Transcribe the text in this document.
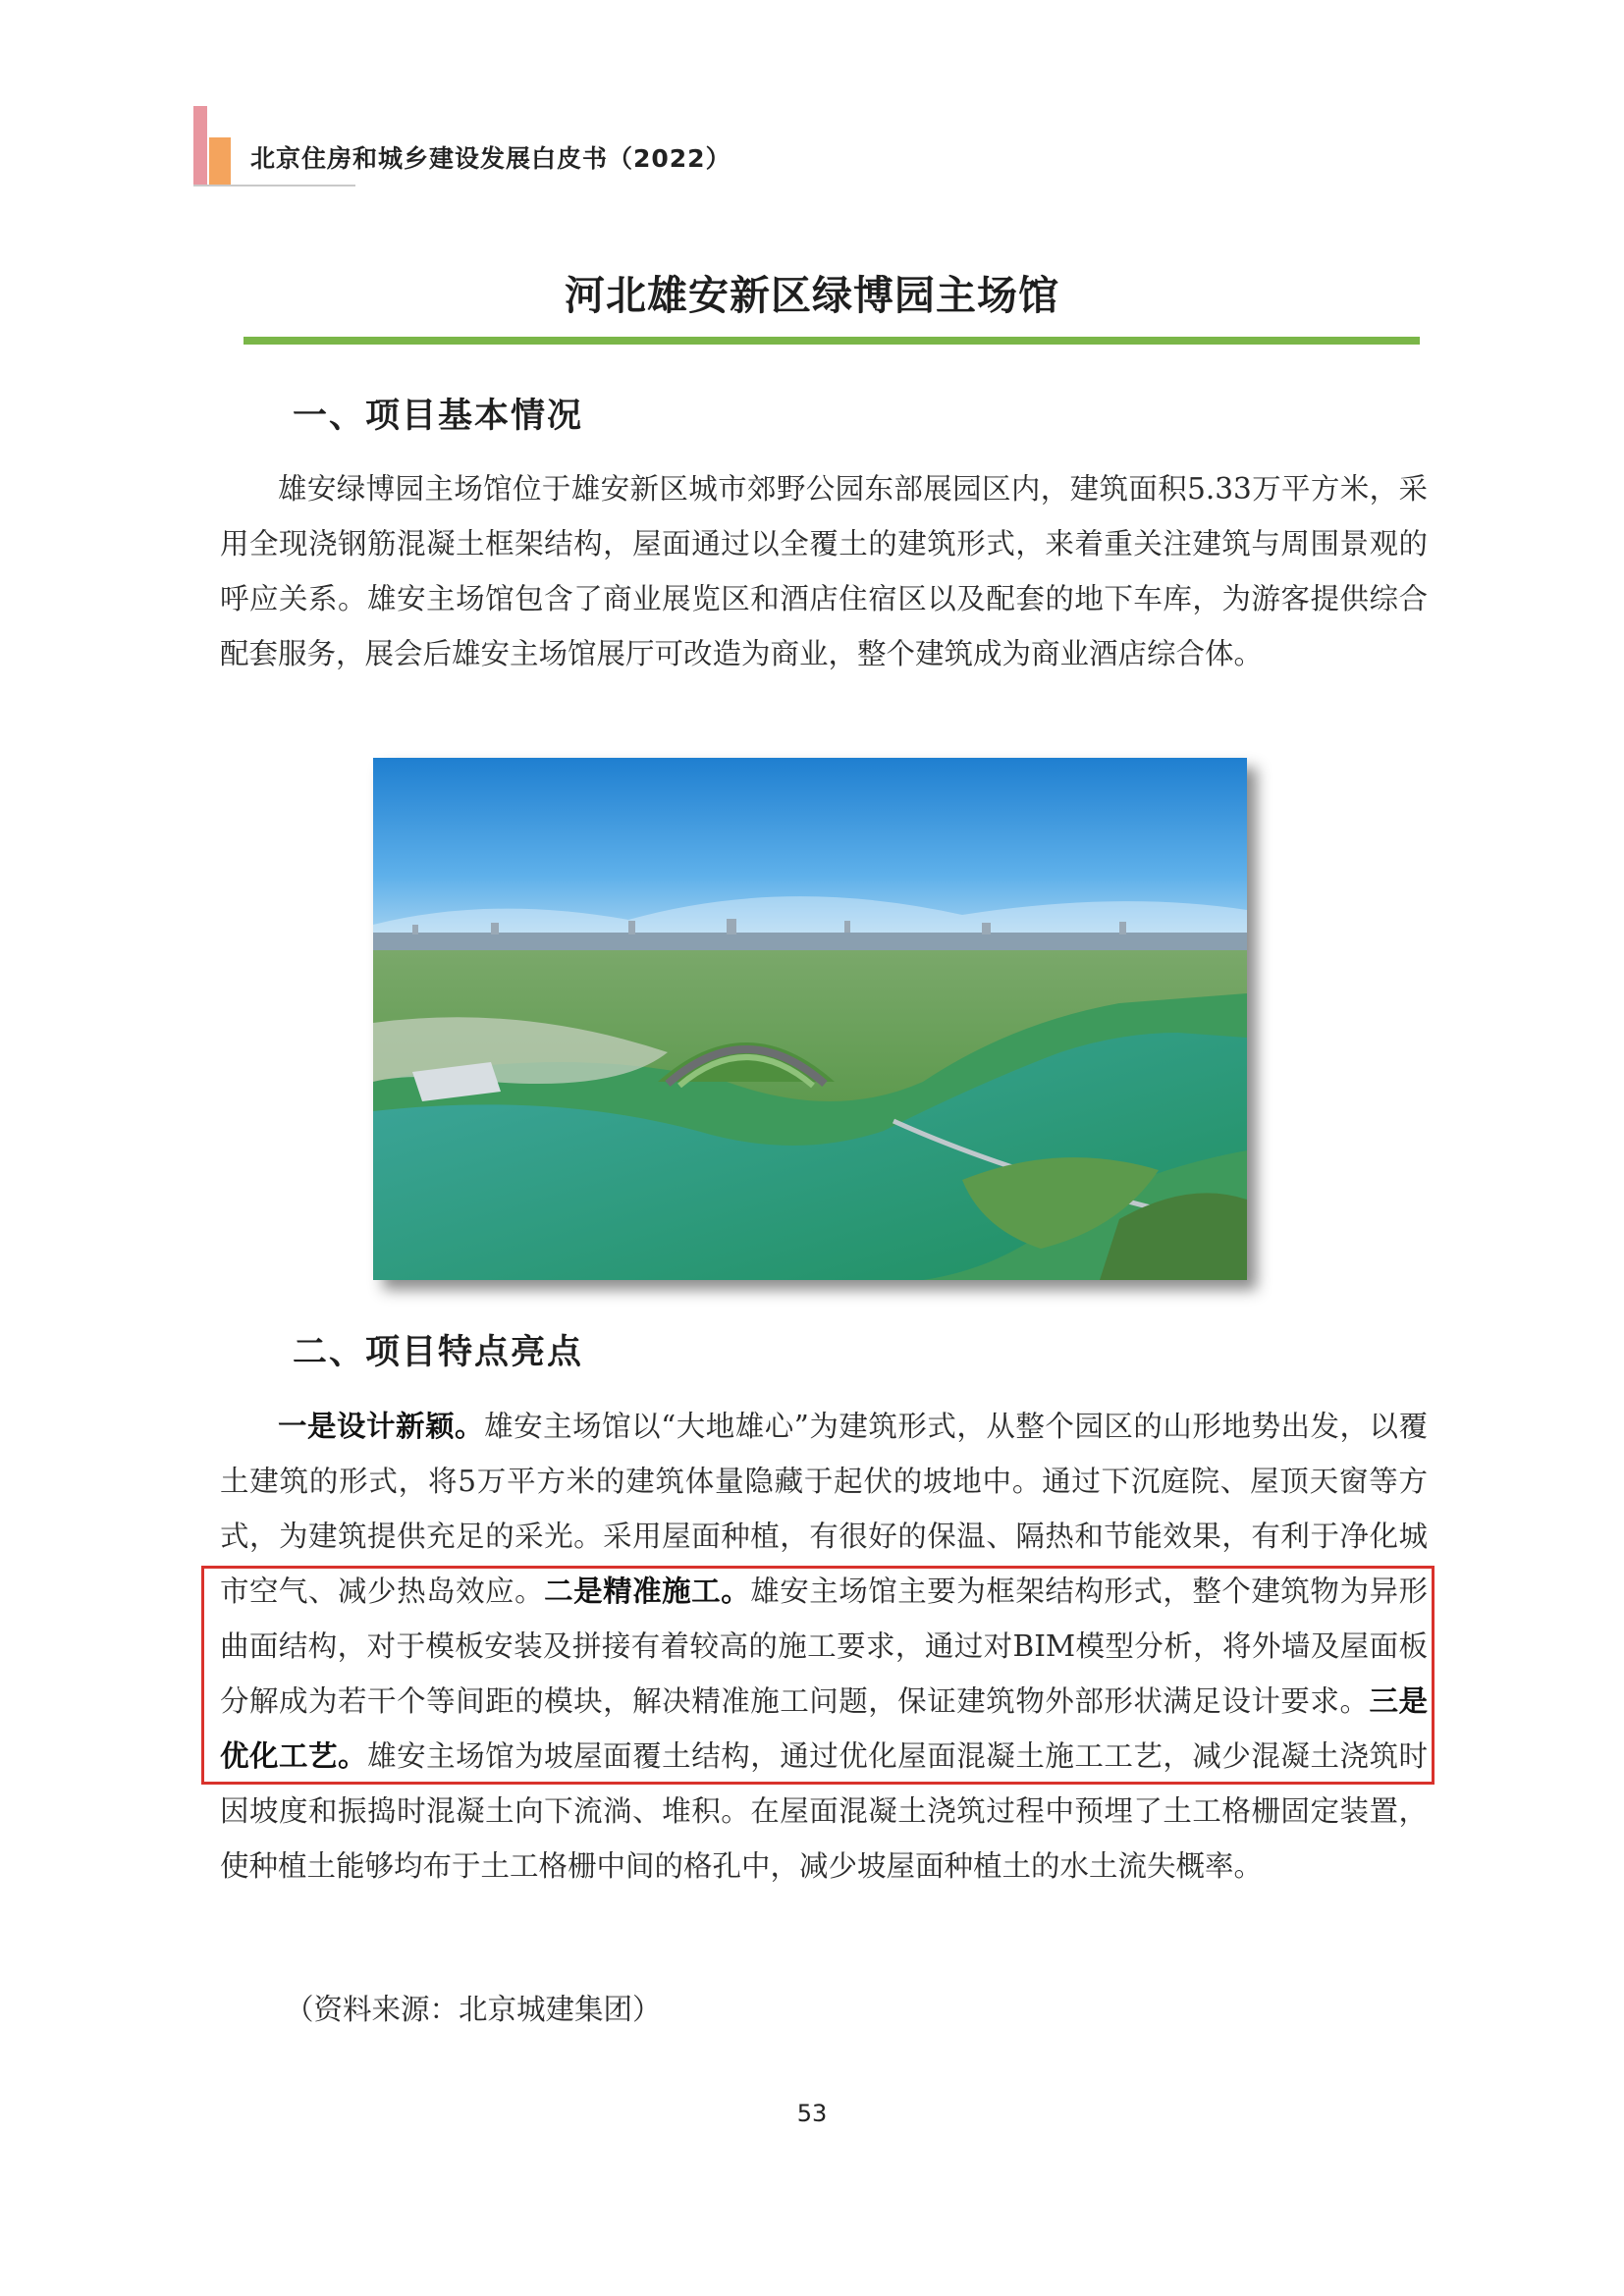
北京住房和城乡建设发展白皮书（2022）
河北雄安新区绿博园主场馆
一、项目基本情况
雄安绿博园主场馆位于雄安新区城市郊野公园东部展园区内，建筑面积5.33万平方米，采用全现浇钢筋混凝土框架结构，屋面通过以全覆土的建筑形式，来着重关注建筑与周围景观的呼应关系。雄安主场馆包含了商业展览区和酒店住宿区以及配套的地下车库，为游客提供综合配套服务，展会后雄安主场馆展厅可改造为商业，整个建筑成为商业酒店综合体。
二、项目特点亮点
一是设计新颖。雄安主场馆以“大地雄心”为建筑形式，从整个园区的山形地势出发，以覆土建筑的形式，将5万平方米的建筑体量隐藏于起伏的坡地中。通过下沉庭院、屋顶天窗等方式，为建筑提供充足的采光。采用屋面种植，有很好的保温、隔热和节能效果，有利于净化城市空气、减少热岛效应。二是精准施工。雄安主场馆主要为框架结构形式，整个建筑物为异形曲面结构，对于模板安装及拼接有着较高的施工要求，通过对BIM模型分析，将外墙及屋面板分解成为若干个等间距的模块，解决精准施工问题，保证建筑物外部形状满足设计要求。三是优化工艺。雄安主场馆为坡屋面覆土结构，通过优化屋面混凝土施工工艺，减少混凝土浇筑时因坡度和振捣时混凝土向下流淌、堆积。在屋面混凝土浇筑过程中预埋了土工格栅固定装置，使种植土能够均布于土工格栅中间的格孔中，减少坡屋面种植土的水土流失概率。
（资料来源：北京城建集团）
53
